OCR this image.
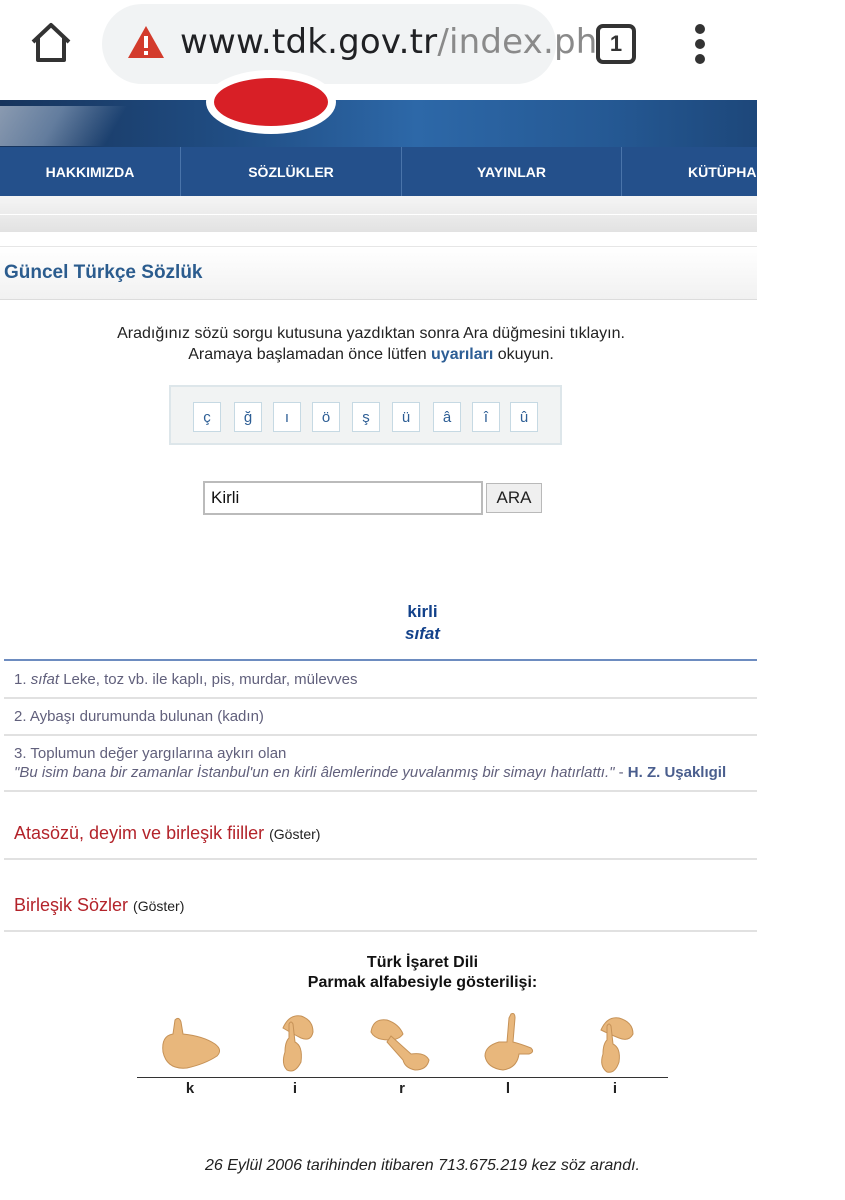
www.tdk.gov.tr/index.ph 1
HAKKIMIZDA	SÖZLÜKLER	YAYINLAR	KÜTÜPHA
Güncel Türkçe Sözlük
Aradığınız sözü sorgu kutusuna yazdıktan sonra Ara düğmesini tıklayın.
Aramaya başlamadan önce lütfen uyarıları okuyun.
ç	ğ	ı	ö	ş	ü	â	î	û
Kirli	ARA
kirli
sıfat
1. sıfat Leke, toz vb. ile kaplı, pis, murdar, mülevves
2. Aybaşı durumunda bulunan (kadın)
3. Toplumun değer yargılarına aykırı olan
"Bu isim bana bir zamanlar İstanbul'un en kirli âlemlerinde yuvalanmış bir simayı hatırlattı." - H. Z. Uşaklıgil
Atasözü, deyim ve birleşik fiiller (Göster)
Birleşik Sözler (Göster)
Türk İşaret Dili
Parmak alfabesiyle gösterilişi:
k	i	r	l	i
26 Eylül 2006 tarihinden itibaren 713.675.219 kez söz arandı.
